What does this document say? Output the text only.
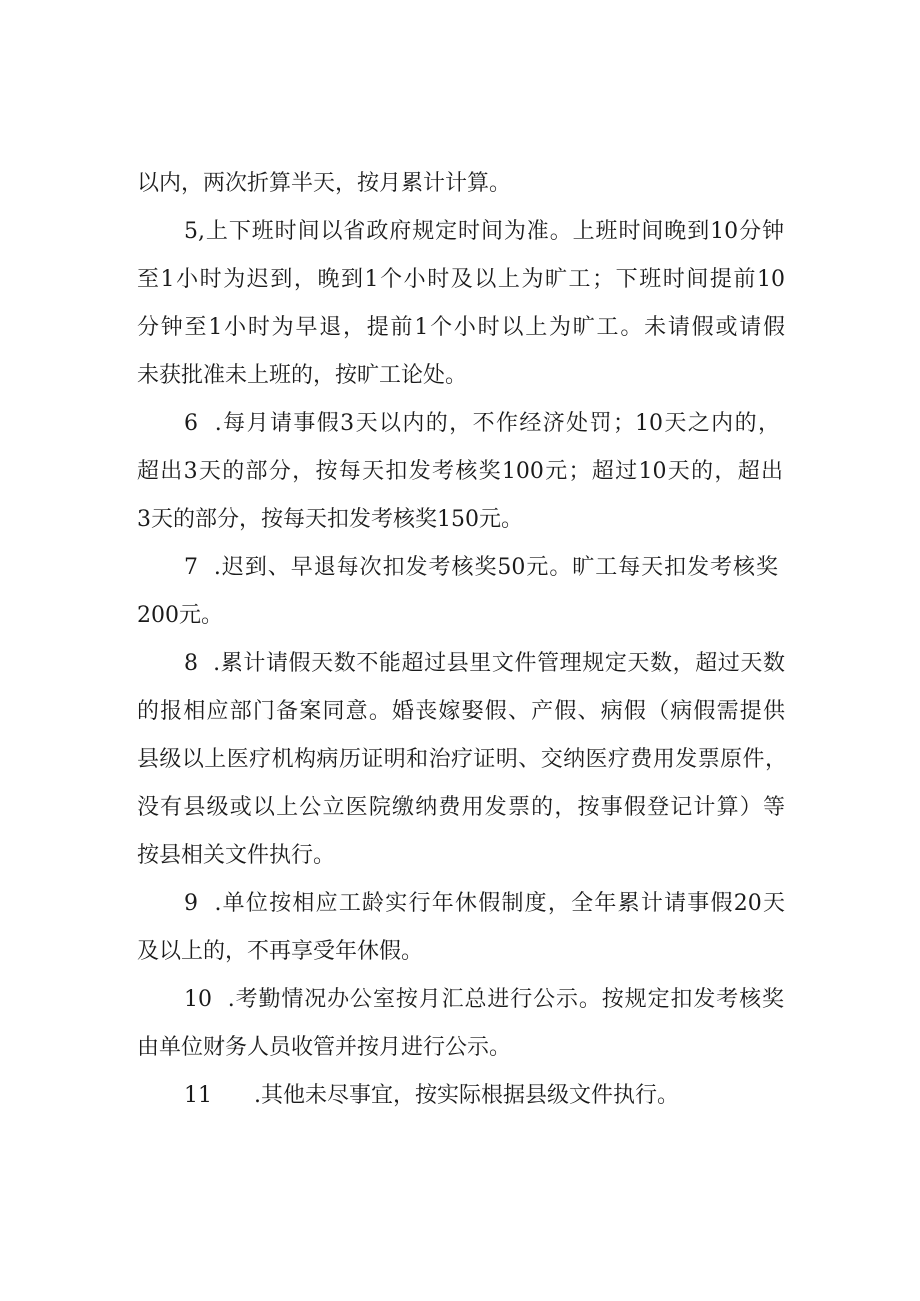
以内，两次折算半天，按月累计计算。

5,上下班时间以省政府规定时间为准。上班时间晚到10分钟

至1小时为迟到，晚到1个小时及以上为旷工；下班时间提前10

分钟至1小时为早退，提前1个小时以上为旷工。未请假或请假

未获批准未上班的，按旷工论处。

6  .每月请事假3天以内的，不作经济处罚；10天之内的，

超出3天的部分，按每天扣发考核奖100元；超过10天的，超出

3天的部分，按每天扣发考核奖150元。

7  .迟到、早退每次扣发考核奖50元。旷工每天扣发考核奖

200元。

8  .累计请假天数不能超过县里文件管理规定天数，超过天数

的报相应部门备案同意。婚丧嫁娶假、产假、病假（病假需提供

县级以上医疗机构病历证明和治疗证明、交纳医疗费用发票原件，

没有县级或以上公立医院缴纳费用发票的，按事假登记计算）等

按县相关文件执行。

9  .单位按相应工龄实行年休假制度，全年累计请事假20天

及以上的，不再享受年休假。

10  .考勤情况办公室按月汇总进行公示。按规定扣发考核奖

由单位财务人员收管并按月进行公示。

11      .其他未尽事宜，按实际根据县级文件执行。
